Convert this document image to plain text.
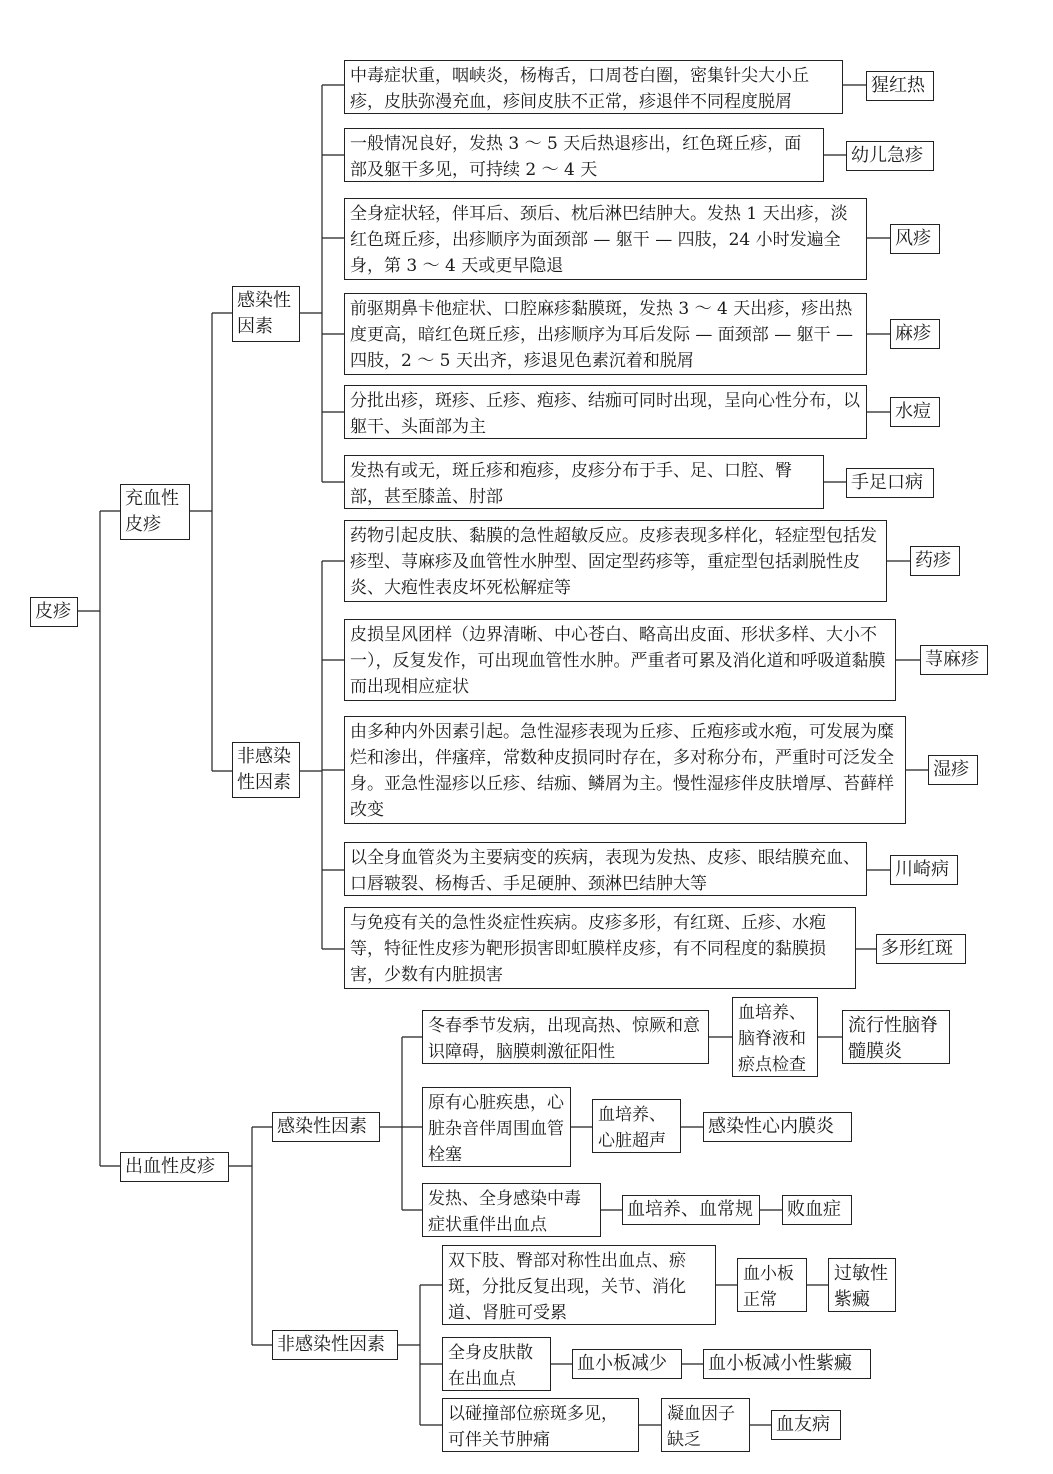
皮疹
充血性皮疹
出血性皮疹
感染性因素
非感染性因素
中毒症状重，咽峡炎，杨梅舌，口周苍白圈，密集针尖大小丘疹，皮肤弥漫充血，疹间皮肤不正常，疹退伴不同程度脱屑
猩红热
一般情况良好，发热 3 ～ 5 天后热退疹出，红色斑丘疹，面部及躯干多见，可持续 2 ～ 4 天
幼儿急疹
全身症状轻，伴耳后、颈后、枕后淋巴结肿大。发热 1 天出疹，淡红色斑丘疹，出疹顺序为面颈部 — 躯干 — 四肢，24 小时发遍全身，第 3 ～ 4 天或更早隐退
风疹
前驱期鼻卡他症状、口腔麻疹黏膜斑，发热 3 ～ 4 天出疹，疹出热度更高，暗红色斑丘疹，出疹顺序为耳后发际 — 面颈部 — 躯干 — 四肢，2 ～ 5 天出齐，疹退见色素沉着和脱屑
麻疹
分批出疹，斑疹、丘疹、疱疹、结痂可同时出现，呈向心性分布，以躯干、头面部为主
水痘
发热有或无，斑丘疹和疱疹，皮疹分布于手、足、口腔、臀部，甚至膝盖、肘部
手足口病
药物引起皮肤、黏膜的急性超敏反应。皮疹表现多样化，轻症型包括发疹型、荨麻疹及血管性水肿型、固定型药疹等，重症型包括剥脱性皮炎、大疱性表皮坏死松解症等
药疹
皮损呈风团样（边界清晰、中心苍白、略高出皮面、形状多样、大小不一），反复发作，可出现血管性水肿。严重者可累及消化道和呼吸道黏膜而出现相应症状
荨麻疹
由多种内外因素引起。急性湿疹表现为丘疹、丘疱疹或水疱，可发展为糜烂和渗出，伴瘙痒，常数种皮损同时存在，多对称分布，严重时可泛发全身。亚急性湿疹以丘疹、结痂、鳞屑为主。慢性湿疹伴皮肤增厚、苔藓样改变
湿疹
以全身血管炎为主要病变的疾病，表现为发热、皮疹、眼结膜充血、口唇皲裂、杨梅舌、手足硬肿、颈淋巴结肿大等
川崎病
与免疫有关的急性炎症性疾病。皮疹多形，有红斑、丘疹、水疱等，特征性皮疹为靶形损害即虹膜样皮疹，有不同程度的黏膜损害，少数有内脏损害
多形红斑
感染性因素
非感染性因素
冬春季节发病，出现高热、惊厥和意识障碍，脑膜刺激征阳性
血培养、脑脊液和瘀点检查
流行性脑脊髓膜炎
原有心脏疾患，心脏杂音伴周围血管栓塞
血培养、心脏超声
感染性心内膜炎
发热、全身感染中毒症状重伴出血点
血培养、血常规	败血症
双下肢、臀部对称性出血点、瘀斑，分批反复出现，关节、消化道、肾脏可受累
血小板正常
过敏性紫癜
全身皮肤散在出血点
血小板减少	血小板减小性紫癜
以碰撞部位瘀斑多见，可伴关节肿痛
凝血因子缺乏
血友病
